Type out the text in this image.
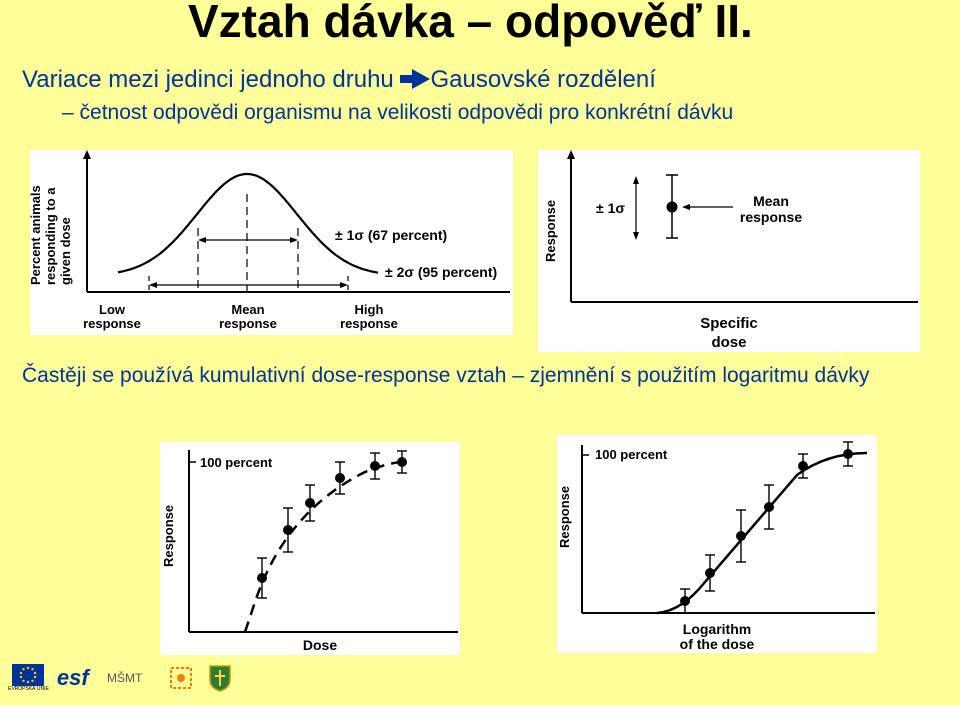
Vztah dávka – odpověď II.
Variace mezi jedinci jednoho druhu Gausovské rozdělení
– četnost odpovědi organismu na velikosti odpovědi pro konkrétní dávku
Percent animals responding to a given dose	± 1σ (67 percent)
± 2σ (95 percent)
Low
response
Mean
response
High
response
Response	± 1σ	Mean
response
Specific
dose
Častěji se používá kumulativní dose-response vztah – zjemnění s použitím logaritmu dávky
Response
100 percent
Dose
Response
100 percent
Logarithm
of the dose
EVROPSKÁ UNIE esf MŠMT
